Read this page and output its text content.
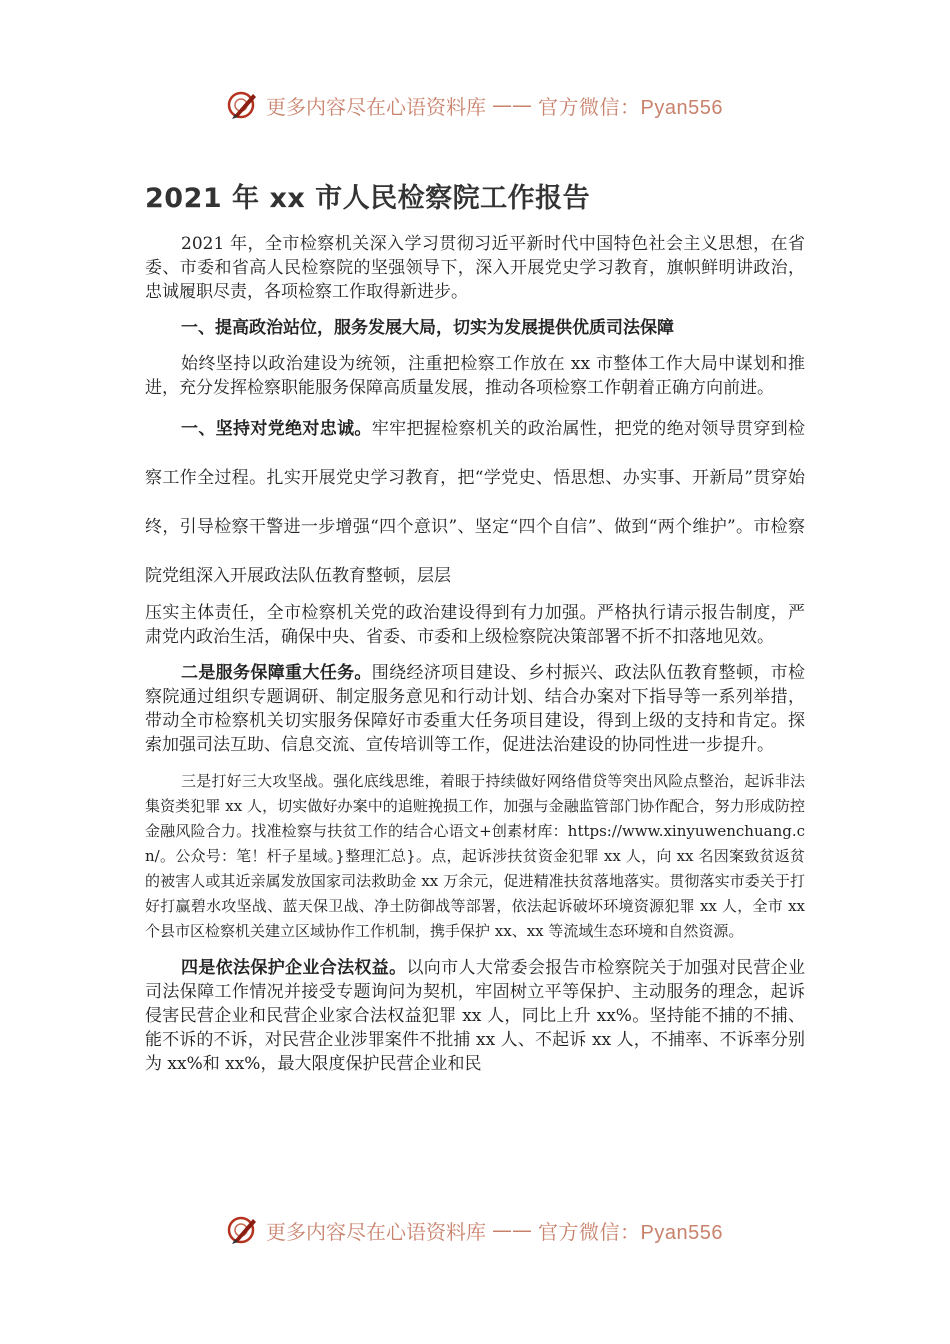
更多内容尽在心语资料库 —— 官方微信：Pyan556
2021 年 xx 市人民检察院工作报告

2021 年，全市检察机关深入学习贯彻习近平新时代中国特色社会主义思想，在省委、市委和省高人民检察院的坚强领导下，深入开展党史学习教育，旗帜鲜明讲政治，忠诚履职尽责，各项检察工作取得新进步。

一、提高政治站位，服务发展大局，切实为发展提供优质司法保障

始终坚持以政治建设为统领，注重把检察工作放在 xx 市整体工作大局中谋划和推进，充分发挥检察职能服务保障高质量发展，推动各项检察工作朝着正确方向前进。

一、坚持对党绝对忠诚。牢牢把握检察机关的政治属性，把党的绝对领导贯穿到检察工作全过程。扎实开展党史学习教育，把“学党史、悟思想、办实事、开新局”贯穿始终，引导检察干警进一步增强“四个意识”、坚定“四个自信”、做到“两个维护”。市检察院党组深入开展政法队伍教育整顿，层层

压实主体责任，全市检察机关党的政治建设得到有力加强。严格执行请示报告制度，严肃党内政治生活，确保中央、省委、市委和上级检察院决策部署不折不扣落地见效。

二是服务保障重大任务。围绕经济项目建设、乡村振兴、政法队伍教育整顿，市检察院通过组织专题调研、制定服务意见和行动计划、结合办案对下指导等一系列举措，带动全市检察机关切实服务保障好市委重大任务项目建设，得到上级的支持和肯定。探索加强司法互助、信息交流、宣传培训等工作，促进法治建设的协同性进一步提升。

三是打好三大攻坚战。强化底线思维，着眼于持续做好网络借贷等突出风险点整治，起诉非法集资类犯罪 xx 人，切实做好办案中的追赃挽损工作，加强与金融监管部门协作配合，努力形成防控金融风险合力。找准检察与扶贫工作的结合心语文+创素材库：https://www.xinyuwenchuang.cn/。公众号：笔！杆子星域。}整理汇总}。点，起诉涉扶贫资金犯罪 xx 人，向 xx 名因案致贫返贫的被害人或其近亲属发放国家司法救助金 xx 万余元，促进精准扶贫落地落实。贯彻落实市委关于打好打赢碧水攻坚战、蓝天保卫战、净土防御战等部署，依法起诉破坏环境资源犯罪 xx 人，全市 xx 个县市区检察机关建立区域协作工作机制，携手保护 xx、xx 等流域生态环境和自然资源。

四是依法保护企业合法权益。以向市人大常委会报告市检察院关于加强对民营企业司法保障工作情况并接受专题询问为契机，牢固树立平等保护、主动服务的理念，起诉侵害民营企业和民营企业家合法权益犯罪 xx 人，同比上升 xx%。坚持能不捕的不捕、能不诉的不诉，对民营企业涉罪案件不批捕 xx 人、不起诉 xx 人，不捕率、不诉率分别为 xx%和 xx%，最大限度保护民营企业和民

更多内容尽在心语资料库 —— 官方微信：Pyan556
